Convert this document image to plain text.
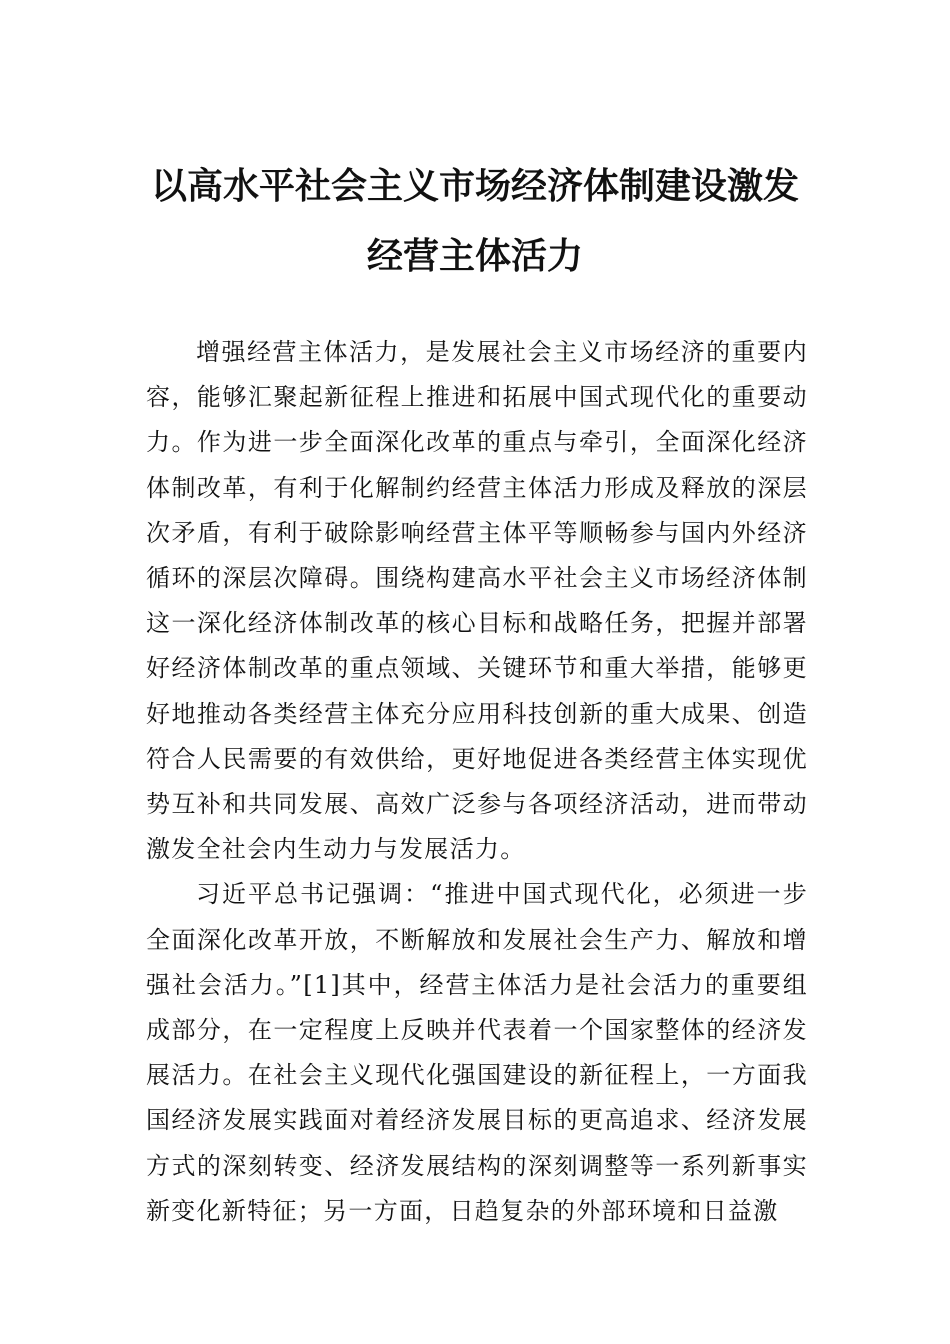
以高水平社会主义市场经济体制建设激发
经营主体活力

增强经营主体活力，是发展社会主义市场经济的重要内容，能够汇聚起新征程上推进和拓展中国式现代化的重要动力。作为进一步全面深化改革的重点与牵引，全面深化经济体制改革，有利于化解制约经营主体活力形成及释放的深层次矛盾，有利于破除影响经营主体平等顺畅参与国内外经济循环的深层次障碍。围绕构建高水平社会主义市场经济体制这一深化经济体制改革的核心目标和战略任务，把握并部署好经济体制改革的重点领域、关键环节和重大举措，能够更好地推动各类经营主体充分应用科技创新的重大成果、创造符合人民需要的有效供给，更好地促进各类经营主体实现优势互补和共同发展、高效广泛参与各项经济活动，进而带动激发全社会内生动力与发展活力。

习近平总书记强调：“推进中国式现代化，必须进一步全面深化改革开放，不断解放和发展社会生产力、解放和增强社会活力。”[1]其中，经营主体活力是社会活力的重要组成部分，在一定程度上反映并代表着一个国家整体的经济发展活力。在社会主义现代化强国建设的新征程上，一方面我国经济发展实践面对着经济发展目标的更高追求、经济发展方式的深刻转变、经济发展结构的深刻调整等一系列新事实新变化新特征；另一方面，日趋复杂的外部环境和日益激
